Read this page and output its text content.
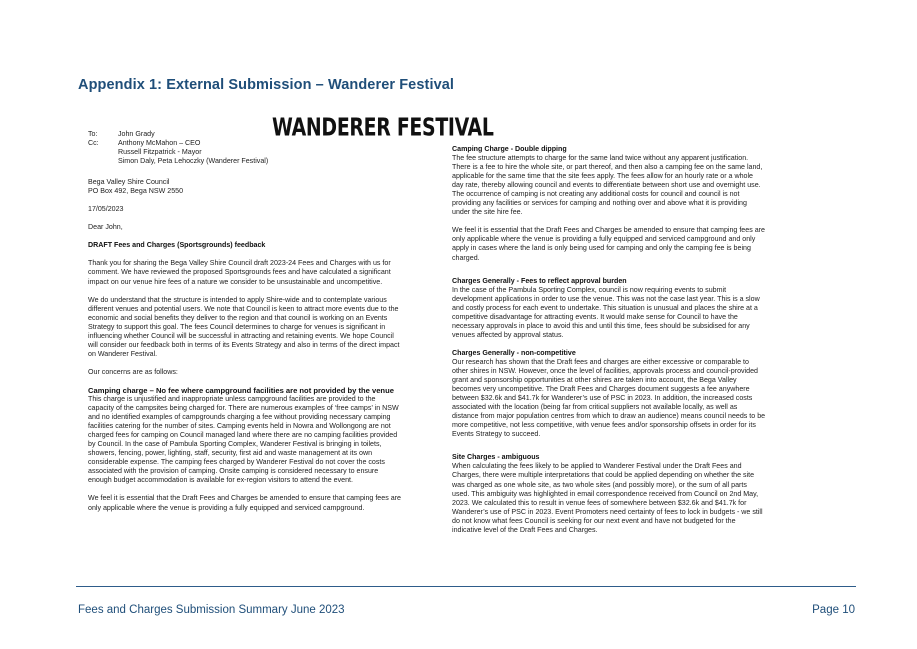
Appendix 1: External Submission – Wanderer Festival
WANDERER FESTIVAL
To:	John Grady
Cc:	Anthony McMahon – CEO
Russell Fitzpatrick - Mayor
Simon Daly, Peta Lehoczky (Wanderer Festival)

Bega Valley Shire Council
PO Box 492, Bega NSW 2550

17/05/2023

Dear John,

DRAFT Fees and Charges (Sportsgrounds) feedback

Thank you for sharing the Bega Valley Shire Council draft 2023-24 Fees and Charges with us for
comment. We have reviewed the proposed Sportsgrounds fees and have calculated a significant
impact on our venue hire fees of a nature we consider to be unsustainable and uncompetitive.

We do understand that the structure is intended to apply Shire-wide and to contemplate various
different venues and potential users. We note that Council is keen to attract more events due to the
economic and social benefits they deliver to the region and that council is working on an Events
Strategy to support this goal. The fees Council determines to charge for venues is significant in
influencing whether Council will be successful in attracting and retaining events. We hope Council
will consider our feedback both in terms of its Events Strategy and also in terms of the direct impact
on Wanderer Festival.

Our concerns are as follows:

Camping charge – No fee where campground facilities are not provided by the venue
This charge is unjustified and inappropriate unless campground facilities are provided to the
capacity of the campsites being charged for. There are numerous examples of ‘free camps’ in NSW
and no identified examples of campgrounds charging a fee without providing necessary camping
facilities catering for the number of sites. Camping events held in Nowra and Wollongong are not
charged fees for camping on Council managed land where there are no camping facilities provided
by Council. In the case of Pambula Sporting Complex, Wanderer Festival is bringing in toilets,
showers, fencing, power, lighting, staff, security, first aid and waste management at its own
considerable expense. The camping fees charged by Wanderer Festival do not cover the costs
associated with the provision of camping. Onsite camping is considered necessary to ensure
enough budget accommodation is available for ex-region visitors to attend the event.

We feel it is essential that the Draft Fees and Charges be amended to ensure that camping fees are
only applicable where the venue is providing a fully equipped and serviced campground.

Camping Charge - Double dipping
The fee structure attempts to charge for the same land twice without any apparent justification.
There is a fee to hire the whole site, or part thereof, and then also a camping fee on the same land,
applicable for the same time that the site fees apply. The fees allow for an hourly rate or a whole
day rate, thereby allowing council and events to differentiate between short use and overnight use.
The occurrence of camping is not creating any additional costs for council and council is not
providing any facilities or services for camping and nothing over and above what it is providing
under the site hire fee.

We feel it is essential that the Draft Fees and Charges be amended to ensure that camping fees are
only applicable where the venue is providing a fully equipped and serviced campground and only
apply in cases where the land is only being used for camping and only the camping fee is being
charged.

Charges Generally - Fees to reflect approval burden
In the case of the Pambula Sporting Complex, council is now requiring events to submit
development applications in order to use the venue. This was not the case last year. This is a slow
and costly process for each event to undertake. This situation is unusual and places the shire at a
competitive disadvantage for attracting events. It would make sense for Council to have the
necessary approvals in place to avoid this and until this time, fees should be subsidised for any
venues affected by approval status.
Charges Generally - non-competitive
Our research has shown that the Draft fees and charges are either excessive or comparable to
other shires in NSW. However, once the level of facilities, approvals process and council-provided
grant and sponsorship opportunities at other shires are taken into account, the Bega Valley
becomes very uncompetitive. The Draft Fees and Charges document suggests a fee anywhere
between $32.6k and $41.7k for Wanderer’s use of PSC in 2023. In addition, the increased costs
associated with the location (being far from critical suppliers not available locally, as well as
distance from major population centres from which to draw an audience) means council needs to be
more competitive, not less competitive, with venue fees and/or sponsorship offsets in order for its
Events Strategy to succeed.
Site Charges - ambiguous
When calculating the fees likely to be applied to Wanderer Festival under the Draft Fees and
Charges, there were multiple interpretations that could be applied depending on whether the site
was charged as one whole site, as two whole sites (and possibly more), or the sum of all parts
used. This ambiguity was highlighted in email correspondence received from Council on 2nd May,
2023. We calculated this to result in venue fees of somewhere between $32.6k and $41.7k for
Wanderer’s use of PSC in 2023. Event Promoters need certainty of fees to lock in budgets - we still
do not know what fees Council is seeking for our next event and have not budgeted for the
indicative level of the Draft Fees and Charges.
Fees and Charges Submission Summary June 2023	Page 10
